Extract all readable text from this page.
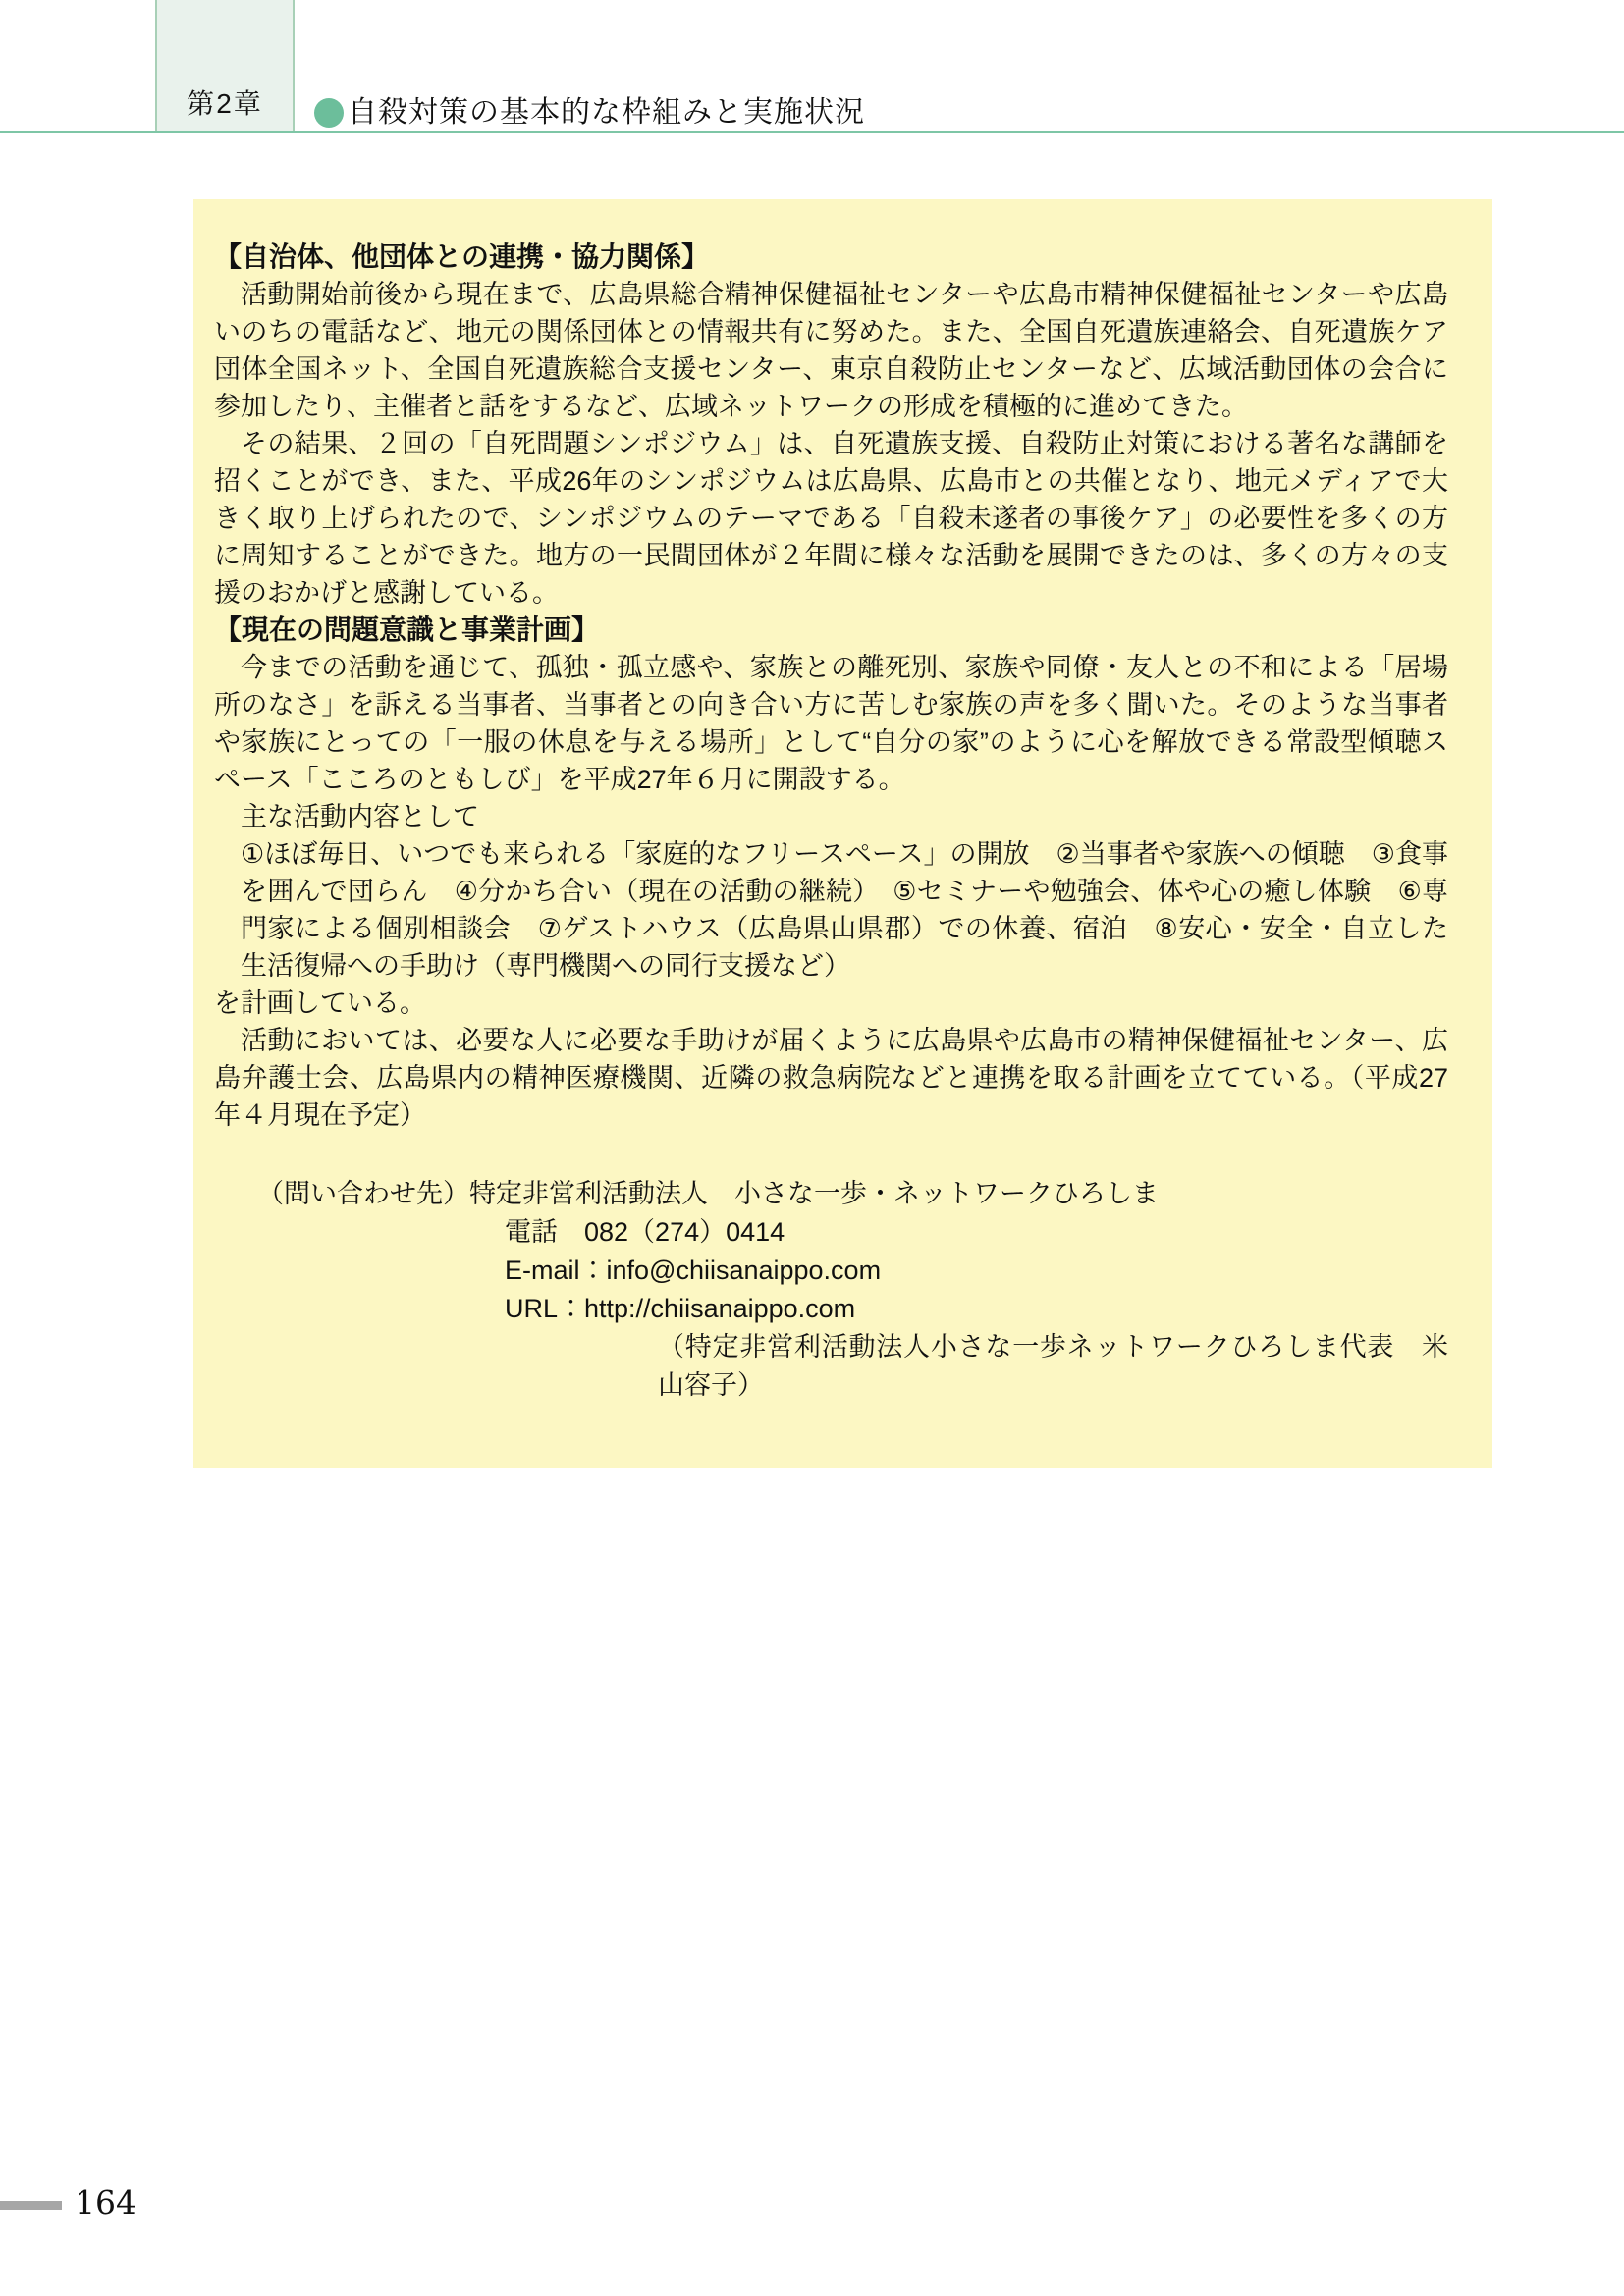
第2章	自殺対策の基本的な枠組みと実施状況
【自治体、他団体との連携・協力関係】

活動開始前後から現在まで、広島県総合精神保健福祉センターや広島市精神保健福祉センターや広島いのちの電話など、地元の関係団体との情報共有に努めた。また、全国自死遺族連絡会、自死遺族ケア団体全国ネット、全国自死遺族総合支援センター、東京自殺防止センターなど、広域活動団体の会合に参加したり、主催者と話をするなど、広域ネットワークの形成を積極的に進めてきた。

その結果、２回の「自死問題シンポジウム」は、自死遺族支援、自殺防止対策における著名な講師を招くことができ、また、平成26年のシンポジウムは広島県、広島市との共催となり、地元メディアで大きく取り上げられたので、シンポジウムのテーマである「自殺未遂者の事後ケア」の必要性を多くの方に周知することができた。地方の一民間団体が２年間に様々な活動を展開できたのは、多くの方々の支援のおかげと感謝している。

【現在の問題意識と事業計画】

今までの活動を通じて、孤独・孤立感や、家族との離死別、家族や同僚・友人との不和による「居場所のなさ」を訴える当事者、当事者との向き合い方に苦しむ家族の声を多く聞いた。そのような当事者や家族にとっての「一服の休息を与える場所」として“自分の家”のように心を解放できる常設型傾聴スペース「こころのともしび」を平成27年６月に開設する。

主な活動内容として

①ほぼ毎日、いつでも来られる「家庭的なフリースペース」の開放　②当事者や家族への傾聴　③食事を囲んで団らん　④分かち合い（現在の活動の継続）　⑤セミナーや勉強会、体や心の癒し体験　⑥専門家による個別相談会　⑦ゲストハウス（広島県山県郡）での休養、宿泊　⑧安心・安全・自立した生活復帰への手助け（専門機関への同行支援など）

を計画している。

活動においては、必要な人に必要な手助けが届くように広島県や広島市の精神保健福祉センター、広島弁護士会、広島県内の精神医療機関、近隣の救急病院などと連携を取る計画を立てている。（平成27年４月現在予定）

（問い合わせ先）特定非営利活動法人　小さな一歩・ネットワークひろしま
電話　082（274）0414
E-mail：info@chiisanaippo.com
URL：http://chiisanaippo.com
（特定非営利活動法人小さな一歩ネットワークひろしま代表　米山容子）
164
